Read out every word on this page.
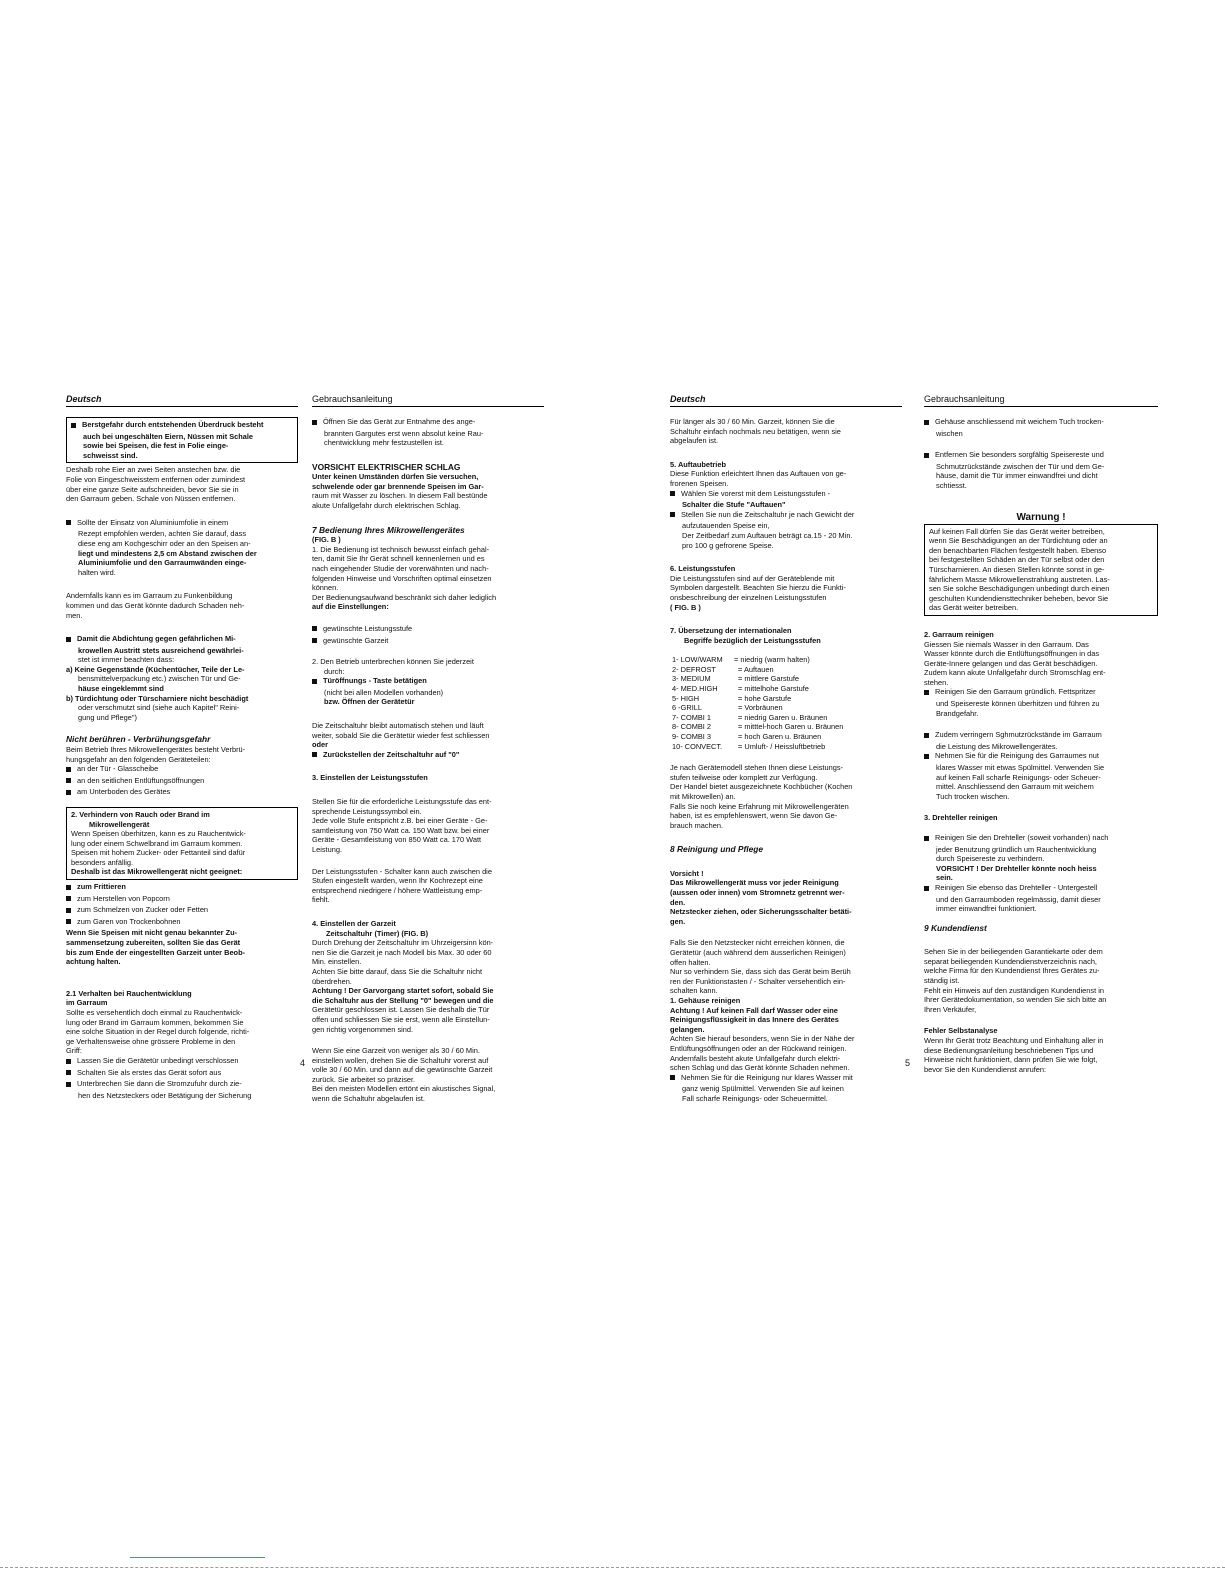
Deutsch
Berstgefahr durch entstehenden Überdruck besteht
auch bei ungeschälten Eiern, Nüssen mit Schale
sowie bei Speisen, die fest in Folie einge-
schweisst sind.
Deshalb rohe Eier an zwei Seiten anstechen bzw. die
Folie von Eingeschweisstem entfernen oder zumindest
über eine ganze Seite aufschneiden, bevor Sie sie in
den Garraum geben. Schale von Nüssen entfernen.
Sollte der Einsatz von Aluminiumfolie in einem
Rezept empfohlen werden, achten Sie darauf, dass
diese eng am Kochgeschirr oder an den Speisen an-
liegt und mindestens 2,5 cm Abstand zwischen der
Aluminiumfolie und den Garraumwänden einge-
halten wird.
Andernfalls kann es im Garraum zu Funkenbildung
kommen und das Gerät könnte dadurch Schaden neh-
men.
Damit die Abdichtung gegen gefährlichen Mi-
krowellen Austritt stets ausreichend gewährlei-
stet ist immer beachten dass:
a) Keine Gegenstände (Küchentücher, Teile der Le-
bensmittelverpackung etc.) zwischen Tür und Ge-
häuse eingeklemmt sind
b) Türdichtung oder Türscharniere nicht beschädigt
oder verschmutzt sind (siehe auch Kapitel" Reini-
gung und Pflege")
Nicht berühren - Verbrühungsgefahr
Beim Betrieb Ihres Mikrowellengerätes besteht Verbrü-
hungsgefahr an den folgenden Geräteteilen:
an der Tür - Glasscheibe
an den seitlichen Entlüftungsöffnungen
am Unterboden des Gerätes
2. Verhindern von Rauch oder Brand im
Mikrowellengerät
Wenn Speisen überhitzen, kann es zu Rauchentwick-
lung oder einem Schwelbrand im Garraum kommen.
Speisen mit hohem Zucker- oder Fettanteil sind dafür
besonders anfällig.
Deshalb ist das Mikrowellengerät nicht geeignet:
zum Frittieren
zum Herstellen von Popcorn
zum Schmelzen von Zucker oder Fetten
zum Garen von Trockenbohnen
Wenn Sie Speisen mit nicht genau bekannter Zu-
sammensetzung zubereiten, sollten Sie das Gerät
bis zum Ende der eingestellten Garzeit unter Beob-
achtung halten.
2.1 Verhalten bei Rauchentwicklung
im Garraum
Sollte es versehentlich doch einmal zu Rauchentwick-
lung oder Brand im Garraum kommen, bekommen Sie
eine solche Situation in der Regel durch folgende, richti-
ge Verhaltensweise ohne grössere Probleme in den
Griff:
Lassen Sie die Gerätetür unbedingt verschlossen
Schalten Sie als erstes das Gerät sofort aus
Unterbrechen Sie dann die Stromzufuhr durch zie-
hen des Netzsteckers oder Betätigung der Sicherung
Gebrauchsanleitung
Öffnen Sie das Gerät zur Entnahme des ange-
brannten Gargutes erst wenn absolut keine Rau-
chentwicklung mehr festzustellen ist.
VORSICHT ELEKTRISCHER SCHLAG
Unter keinen Umständen dürfen Sie versuchen,
schwelende oder gar brennende Speisen im Gar-
raum mit Wasser zu löschen. In diesem Fall bestünde
akute Unfallgefahr durch elektrischen Schlag.
7 Bedienung Ihres Mikrowellengerätes
(FIG. B )
1. Die Bedienung ist technisch bewusst einfach gehal-
ten, damit Sie Ihr Gerät schnell kennenlernen und es
nach eingehender Studie der vorerwähnten und nach-
folgenden Hinweise und Vorschriften optimal einsetzen
können.
Der Bedienungsaufwand beschränkt sich daher lediglich
auf die Einstellungen:
gewünschte Leistungsstufe
gewünschte Garzeit
2. Den Betrieb unterbrechen können Sie jederzeit
durch:
Türöffnungs - Taste betätigen
(nicht bei allen Modellen vorhanden)
bzw. Öffnen der Gerätetür
Die Zeitschaltuhr bleibt automatisch stehen und läuft
weiter, sobald Sie die Gerätetür wieder fest schliessen
oder
Zurückstellen der Zeitschaltuhr auf "0"
3. Einstellen der Leistungsstufen
Stellen Sie für die erforderliche Leistungsstufe das ent-
sprechende Leistungssymbol ein.
Jede volle Stufe entspricht z.B. bei einer Geräte - Ge-
samtleistung von 750 Watt ca. 150 Watt bzw. bei einer
Geräte - Gesamtleistung von 850 Watt ca. 170 Watt
Leistung.
Der Leistungsstufen - Schalter kann auch zwischen die
Stufen eingestellt warden, wenn Ihr Kochrezept eine
entsprechend niedrigere / höhere Wattleistung emp-
fiehlt.
4. Einstellen der Garzeit
Zeitschaltuhr (Timer) (FIG. B)
Durch Drehung der Zeitschaltuhr im Uhrzeigersinn kön-
nen Sie die Garzeit je nach Modell bis Max. 30 oder 60
Min. einstellen.
Achten Sie bitte darauf, dass Sie die Schaltuhr nicht
überdrehen.
Achtung ! Der Garvorgang startet sofort, sobald Sie
die Schaltuhr aus der Stellung "0" bewegen und die
Gerätetür geschlossen ist. Lassen Sie deshalb die Tür
offen und schliessen Sie sie erst, wenn alle Einstellun-
gen richtig vorgenommen sind.
Wenn Sie eine Garzeit von weniger als 30 / 60 Min.
einstellen wollen, drehen Sie die Schaltuhr vorerst auf
volle 30 / 60 Min. und dann auf die gewünschte Garzeit
zurück. Sie arbeitet so präziser.
Bei den meisten Modellen ertönt ein akustisches Signal,
wenn die Schaltuhr abgelaufen ist.
4
Deutsch
Für länger als 30 / 60 Min. Garzeit, können Sie die
Schaltuhr einfach nochmals neu betätigen, wenn sie
abgelaufen ist.
5. Auftaubetrieb
Diese Funktion erleichtert Ihnen das Auftauen von ge-
frorenen Speisen.
Wählen Sie vorerst mit dem Leistungsstufen -
Schalter die Stufe "Auftauen"
Stellen Sie nun die Zeitschaltuhr je nach Gewicht der
aufzutauenden Speise ein,
Der Zeitbedarf zum Auftauen beträgt ca.15 - 20 Min.
pro 100 g gefrorene Speise.
6. Leistungsstufen
Die Leistungsstufen sind auf der Geräteblende mit
Symbolen dargestellt. Beachten Sie hierzu die Funkti-
onsbeschreibung der einzelnen Leistungsstufen
( FIG. B )
7. Übersetzung der internationalen
Begriffe bezüglich der Leistungsstufen
1- LOW/WARM = niedrig (warm halten)
2- DEFROST	= Auftauen
3- MEDIUM	= mittlere Garstufe
4- MED.HIGH	= mittelhohe Garstufe
5- HIGH	= hohe Garstufe
6 -GRILL	= Vorbräunen
7- COMBI 1	= niedrig Garen u. Bräunen
8- COMBI 2	= mitttel-hoch Garen u. Bräunen
9- COMBI 3	= hoch Garen u. Bräunen
10- CONVECT. = Umluft- / Heissluftbetrieb
Je nach Gerätemodell stehen Ihnen diese Leistungs-
stufen teilweise oder komplett zur Verfügung.
Der Handel bietet ausgezeichnete Kochbücher (Kochen
mit Mikrowellen) an.
Falls Sie noch keine Erfahrung mit Mikrowellengeräten
haben, ist es empfehlenswert, wenn Sie davon Ge-
brauch machen.
8 Reinigung und Pflege
Vorsicht !
Das Mikrowellengerät muss vor jeder Reinigung
(aussen oder innen) vom Stromnetz getrennt wer-
den.
Netzstecker ziehen, oder Sicherungsschalter betäti-
gen.
Falls Sie den Netzstecker nicht erreichen können, die
Gerätetür (auch während dem äusserlichen Reinigen)
offen halten.
Nur so verhindern Sie, dass sich das Gerät beim Berüh
ren der Funktionstasten / - Schalter versehentlich ein-
schalten kann.
1. Gehäuse reinigen
Achtung ! Auf keinen Fall darf Wasser oder eine
Reinigungsflüssigkeit in das Innere des Gerätes
gelangen.
Achten Sie hierauf besonders, wenn Sie in der Nähe der
Entlüftungsöffnungen oder an der Rückwand reinigen.
Andernfalls besteht akute Unfallgefahr durch elektri-
schen Schlag und das Gerät könnte Schaden nehmen.
Nehmen Sie für die Reinigung nur klares Wasser mit
ganz wenig Spülmittel. Verwenden Sie auf keinen
Fall scharfe Reinigungs- oder Scheuermittel.
Gebrauchsanleitung
Gehäuse anschliessend mit weichem Tuch trocken-
wischen
Entfernen Sie besonders sorgfältig Speisereste und
Schmutzrückstände zwischen der Tür und dem Ge-
häuse, damit die Tür immer einwandfrei und dicht
schtiesst.
Warnung !
Auf keinen Fall dürfen Sie das Gerät weiter betreiben,
wenn Sie Beschädigungen an der Türdichtung oder an
den benachbarten Flächen festgestellt haben. Ebenso
bei festgestellten Schäden an der Tür selbst oder den
Türscharnieren. An diesen Stellen könnte sonst in ge-
fährlichem Masse Mikrowellenstrahlung austreten. Las-
sen Sie solche Beschädigungen unbedingt durch einen
geschulten Kundendiensttechniker beheben, bevor Sie
das Gerät weiter betreiben.
2. Garraum reinigen
Giessen Sie niemals Wasser in den Garraum. Das
Wasser könnte durch die Entlüftungsöffnungen in das
Geräte-Innere gelangen und das Gerät beschädigen.
Zudem kann akute Unfallgefahr durch Stromschlag ent-
stehen.
Reinigen Sie den Garraum gründlich. Fettspritzer
und Speisereste können überhitzen und führen zu
Brandgefahr.
Zudem verringern Sghmutzrückstände im Garraum
die Leistung des Mikrowellengerätes.
Nehmen Sie für die Reinigung des Garraumes nut
klares Wasser mit etwas Spülmittel. Verwenden Sie
auf keinen Fall scharfe Reinigungs- oder Scheuer-
mittel. Anschliessend den Garraum mit weichem
Tuch trocken wischen.
3. Drehteller reinigen
Reinigen Sie den Drehteller (soweit vorhanden) nach
jeder Benutzung gründlich um Rauchentwicklung
durch Speisereste zu verhindern.
VORSICHT ! Der Drehteller könnte noch heiss
sein.
Reinigen Sie ebenso das Drehteller - Untergestell
und den Garraumboden regelmässig, damit dieser
immer einwandfrei funktioniert.
9 Kundendienst
Sehen Sie in der beiliegenden Garantiekarte oder dem
separat beiliegenden Kundendienstverzeichnis nach,
welche Firma für den Kundendienst Ihres Gerätes zu-
ständig ist.
Fehlt ein Hinweis auf den zuständigen Kundendienst in
Ihrer Gerätedokumentation, so wenden Sie sich bitte an
Ihren Verkäufer,
Fehler Selbstanalyse
Wenn Ihr Gerät trotz Beachtung und Einhaltung aller in
diese Bedienungsanleitung beschriebenen Tips und
Hinweise nicht funktioniert, dann prüfen Sie wie folgt,
bevor Sie den Kundendienst anrufen:
5
